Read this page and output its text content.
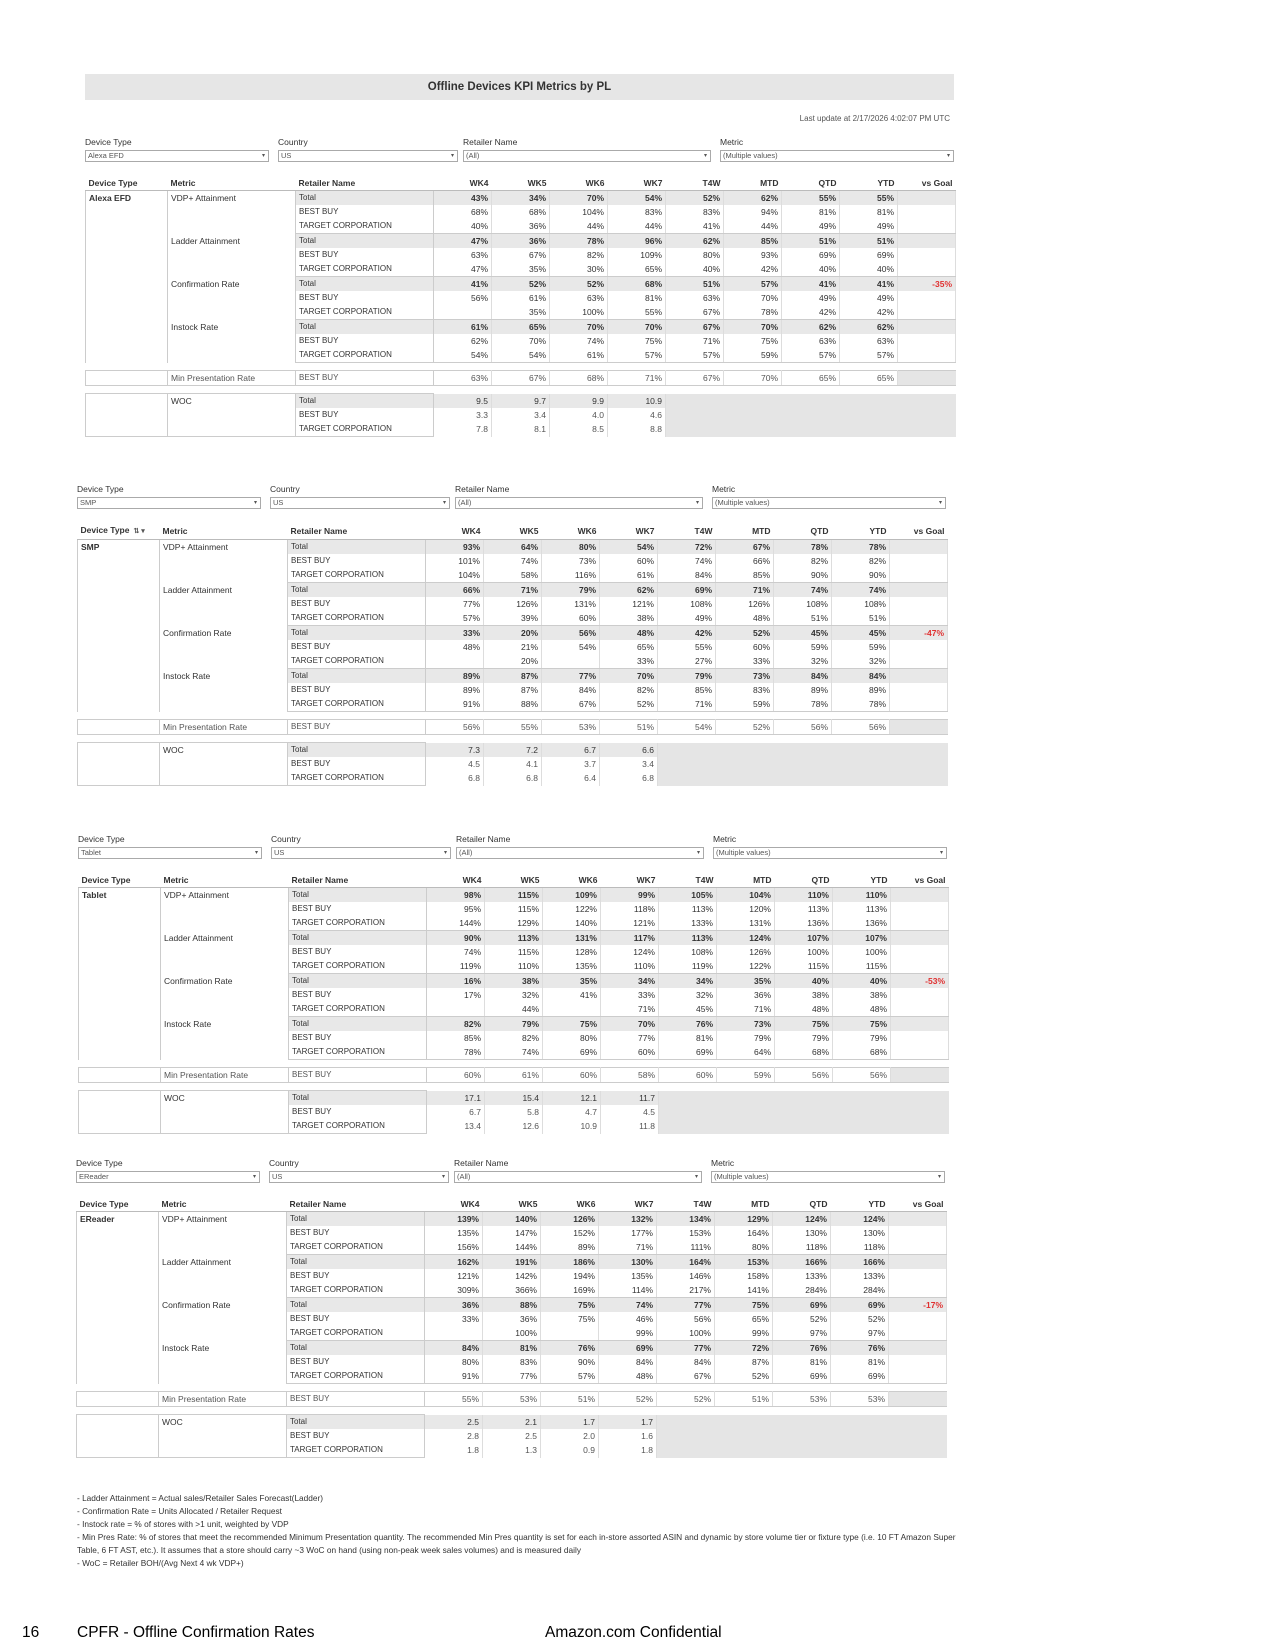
Offline Devices KPI Metrics by PL
Last update at 2/17/2026 4:02:07 PM UTC
Device Type
Alexa EFD	▾
Country
US	▾
Retailer Name
(All)	▾
Metric
(Multiple values)	▾
Device Type	Metric	Retailer Name	WK4	WK5	WK6	WK7	T4W	MTD	QTD	YTD	vs Goal
Alexa EFD	VDP+ Attainment	Total	43%	34%	70%	54%	52%	62%	55%	55%	
		BEST BUY	68%	68%	104%	83%	83%	94%	81%	81%	
		TARGET CORPORATION	40%	36%	44%	44%	41%	44%	49%	49%	
	Ladder Attainment	Total	47%	36%	78%	96%	62%	85%	51%	51%	
		BEST BUY	63%	67%	82%	109%	80%	93%	69%	69%	
		TARGET CORPORATION	47%	35%	30%	65%	40%	42%	40%	40%	
	Confirmation Rate	Total	41%	52%	52%	68%	51%	57%	41%	41%	-35%
		BEST BUY	56%	61%	63%	81%	63%	70%	49%	49%	
		TARGET CORPORATION		35%	100%	55%	67%	78%	42%	42%	
	Instock Rate	Total	61%	65%	70%	70%	67%	70%	62%	62%	
		BEST BUY	62%	70%	74%	75%	71%	75%	63%	63%	
		TARGET CORPORATION	54%	54%	61%	57%	57%	59%	57%	57%	

	Min Presentation Rate	BEST BUY	63%	67%	68%	71%	67%	70%	65%	65%	

	WOC	Total	9.5	9.7	9.9	10.9					
		BEST BUY	3.3	3.4	4.0	4.6					
		TARGET CORPORATION	7.8	8.1	8.5	8.8					
Device Type
SMP	▾
Country
US	▾
Retailer Name
(All)	▾
Metric
(Multiple values)	▾
Device Type ⇅ ▾	Metric	Retailer Name	WK4	WK5	WK6	WK7	T4W	MTD	QTD	YTD	vs Goal
SMP	VDP+ Attainment	Total	93%	64%	80%	54%	72%	67%	78%	78%	
		BEST BUY	101%	74%	73%	60%	74%	66%	82%	82%	
		TARGET CORPORATION	104%	58%	116%	61%	84%	85%	90%	90%	
	Ladder Attainment	Total	66%	71%	79%	62%	69%	71%	74%	74%	
		BEST BUY	77%	126%	131%	121%	108%	126%	108%	108%	
		TARGET CORPORATION	57%	39%	60%	38%	49%	48%	51%	51%	
	Confirmation Rate	Total	33%	20%	56%	48%	42%	52%	45%	45%	-47%
		BEST BUY	48%	21%	54%	65%	55%	60%	59%	59%	
		TARGET CORPORATION		20%		33%	27%	33%	32%	32%	
	Instock Rate	Total	89%	87%	77%	70%	79%	73%	84%	84%	
		BEST BUY	89%	87%	84%	82%	85%	83%	89%	89%	
		TARGET CORPORATION	91%	88%	67%	52%	71%	59%	78%	78%	

	Min Presentation Rate	BEST BUY	56%	55%	53%	51%	54%	52%	56%	56%	

	WOC	Total	7.3	7.2	6.7	6.6					
		BEST BUY	4.5	4.1	3.7	3.4					
		TARGET CORPORATION	6.8	6.8	6.4	6.8					
Device Type
Tablet	▾
Country
US	▾
Retailer Name
(All)	▾
Metric
(Multiple values)	▾
Device Type	Metric	Retailer Name	WK4	WK5	WK6	WK7	T4W	MTD	QTD	YTD	vs Goal
Tablet	VDP+ Attainment	Total	98%	115%	109%	99%	105%	104%	110%	110%	
		BEST BUY	95%	115%	122%	118%	113%	120%	113%	113%	
		TARGET CORPORATION	144%	129%	140%	121%	133%	131%	136%	136%	
	Ladder Attainment	Total	90%	113%	131%	117%	113%	124%	107%	107%	
		BEST BUY	74%	115%	128%	124%	108%	126%	100%	100%	
		TARGET CORPORATION	119%	110%	135%	110%	119%	122%	115%	115%	
	Confirmation Rate	Total	16%	38%	35%	34%	34%	35%	40%	40%	-53%
		BEST BUY	17%	32%	41%	33%	32%	36%	38%	38%	
		TARGET CORPORATION		44%		71%	45%	71%	48%	48%	
	Instock Rate	Total	82%	79%	75%	70%	76%	73%	75%	75%	
		BEST BUY	85%	82%	80%	77%	81%	79%	79%	79%	
		TARGET CORPORATION	78%	74%	69%	60%	69%	64%	68%	68%	

	Min Presentation Rate	BEST BUY	60%	61%	60%	58%	60%	59%	56%	56%	

	WOC	Total	17.1	15.4	12.1	11.7					
		BEST BUY	6.7	5.8	4.7	4.5					
		TARGET CORPORATION	13.4	12.6	10.9	11.8					
Device Type
EReader	▾
Country
US	▾
Retailer Name
(All)	▾
Metric
(Multiple values)	▾
Device Type	Metric	Retailer Name	WK4	WK5	WK6	WK7	T4W	MTD	QTD	YTD	vs Goal
EReader	VDP+ Attainment	Total	139%	140%	126%	132%	134%	129%	124%	124%	
		BEST BUY	135%	147%	152%	177%	153%	164%	130%	130%	
		TARGET CORPORATION	156%	144%	89%	71%	111%	80%	118%	118%	
	Ladder Attainment	Total	162%	191%	186%	130%	164%	153%	166%	166%	
		BEST BUY	121%	142%	194%	135%	146%	158%	133%	133%	
		TARGET CORPORATION	309%	366%	169%	114%	217%	141%	284%	284%	
	Confirmation Rate	Total	36%	88%	75%	74%	77%	75%	69%	69%	-17%
		BEST BUY	33%	36%	75%	46%	56%	65%	52%	52%	
		TARGET CORPORATION		100%		99%	100%	99%	97%	97%	
	Instock Rate	Total	84%	81%	76%	69%	77%	72%	76%	76%	
		BEST BUY	80%	83%	90%	84%	84%	87%	81%	81%	
		TARGET CORPORATION	91%	77%	57%	48%	67%	52%	69%	69%	

	Min Presentation Rate	BEST BUY	55%	53%	51%	52%	52%	51%	53%	53%	

	WOC	Total	2.5	2.1	1.7	1.7					
		BEST BUY	2.8	2.5	2.0	1.6					
		TARGET CORPORATION	1.8	1.3	0.9	1.8					
- Ladder Attainment = Actual sales/Retailer Sales Forecast(Ladder)
- Confirmation Rate = Units Allocated / Retailer Request
- Instock rate = % of stores with >1 unit, weighted by VDP
- Min Pres Rate: % of stores that meet the recommended Minimum Presentation quantity. The recommended Min Pres quantity is set for each in-store assorted ASIN and dynamic by store volume tier or fixture type (i.e. 10 FT Amazon Super Table, 6 FT AST, etc.). It assumes that a store should carry ~3 WoC on hand (using non-peak week sales volumes) and is measured daily
- WoC = Retailer BOH/(Avg Next 4 wk VDP+)
16 CPFR - Offline Confirmation Rates	Amazon.com Confidential
